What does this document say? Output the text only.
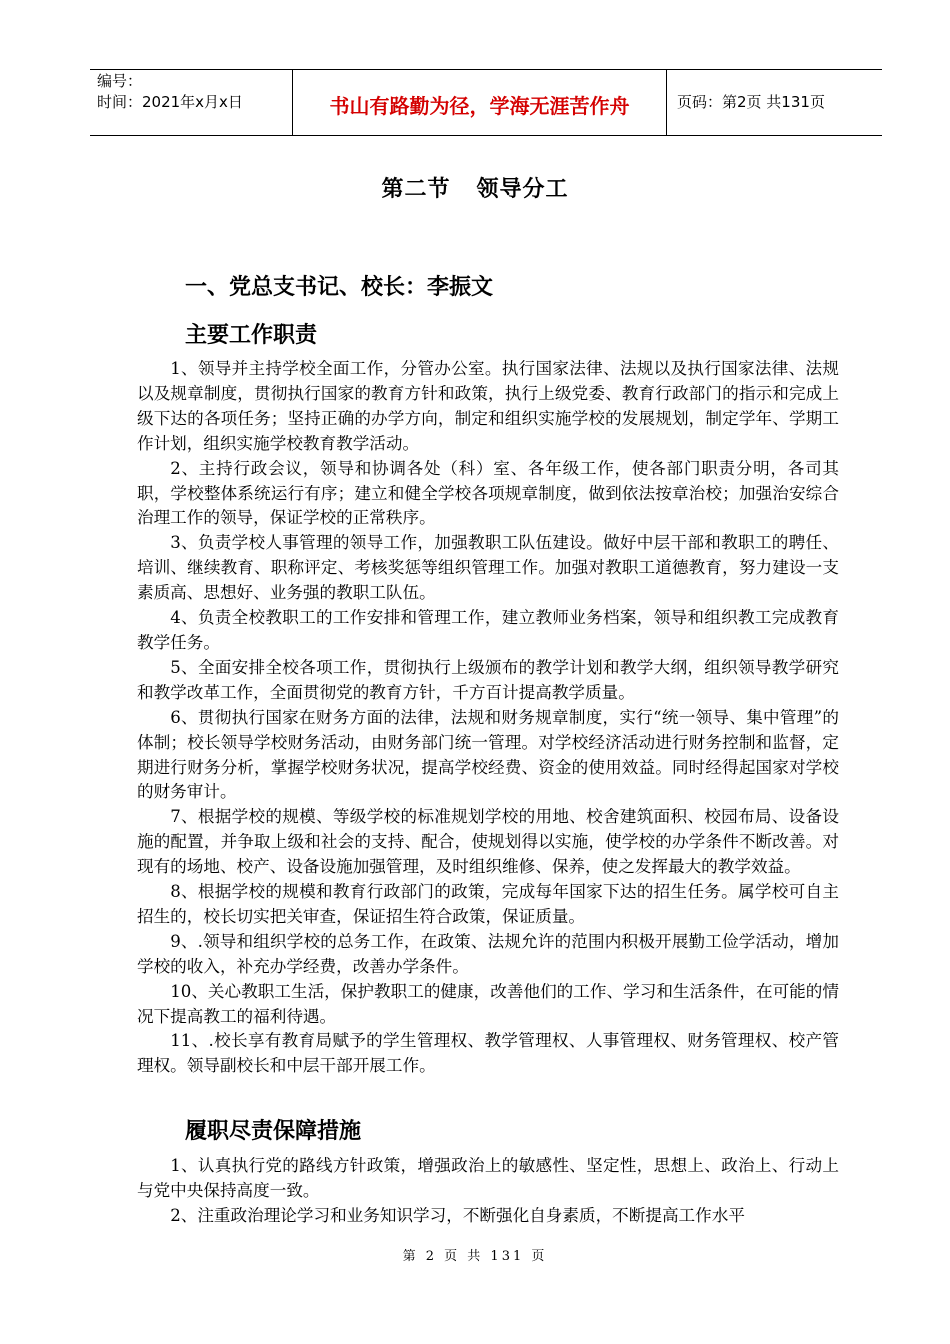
编号：
时间：2021年x月x日	书山有路勤为径，学海无涯苦作舟	页码：第2页 共131页
第二节 领导分工
一、党总支书记、校长：李振文
主要工作职责

1、领导并主持学校全面工作，分管办公室。执行国家法律、法规以及执行国家法律、法规以及规章制度，贯彻执行国家的教育方针和政策，执行上级党委、教育行政部门的指示和完成上级下达的各项任务；坚持正确的办学方向，制定和组织实施学校的发展规划，制定学年、学期工作计划，组织实施学校教育教学活动。

2、主持行政会议，领导和协调各处（科）室、各年级工作，使各部门职责分明，各司其职，学校整体系统运行有序；建立和健全学校各项规章制度，做到依法按章治校；加强治安综合治理工作的领导，保证学校的正常秩序。

3、负责学校人事管理的领导工作，加强教职工队伍建设。做好中层干部和教职工的聘任、培训、继续教育、职称评定、考核奖惩等组织管理工作。加强对教职工道德教育，努力建设一支素质高、思想好、业务强的教职工队伍。

4、负责全校教职工的工作安排和管理工作，建立教师业务档案，领导和组织教工完成教育教学任务。

5、全面安排全校各项工作，贯彻执行上级颁布的教学计划和教学大纲，组织领导教学研究和教学改革工作，全面贯彻党的教育方针，千方百计提高教学质量。

6、贯彻执行国家在财务方面的法律，法规和财务规章制度，实行“统一领导、集中管理”的体制；校长领导学校财务活动，由财务部门统一管理。对学校经济活动进行财务控制和监督，定期进行财务分析，掌握学校财务状况，提高学校经费、资金的使用效益。同时经得起国家对学校的财务审计。

7、根据学校的规模、等级学校的标准规划学校的用地、校舍建筑面积、校园布局、设备设施的配置，并争取上级和社会的支持、配合，使规划得以实施，使学校的办学条件不断改善。对现有的场地、校产、设备设施加强管理，及时组织维修、保养，使之发挥最大的教学效益。

8、根据学校的规模和教育行政部门的政策，完成每年国家下达的招生任务。属学校可自主招生的，校长切实把关审查，保证招生符合政策，保证质量。

9、.领导和组织学校的总务工作，在政策、法规允许的范围内积极开展勤工俭学活动，增加学校的收入，补充办学经费，改善办学条件。

10、关心教职工生活，保护教职工的健康，改善他们的工作、学习和生活条件，在可能的情况下提高教工的福利待遇。

11、.校长享有教育局赋予的学生管理权、教学管理权、人事管理权、财务管理权、校产管理权。领导副校长和中层干部开展工作。

履职尽责保障措施

1、认真执行党的路线方针政策，增强政治上的敏感性、坚定性，思想上、政治上、行动上与党中央保持高度一致。

2、注重政治理论学习和业务知识学习，不断强化自身素质，不断提高工作水平

第 2 页 共 131 页
